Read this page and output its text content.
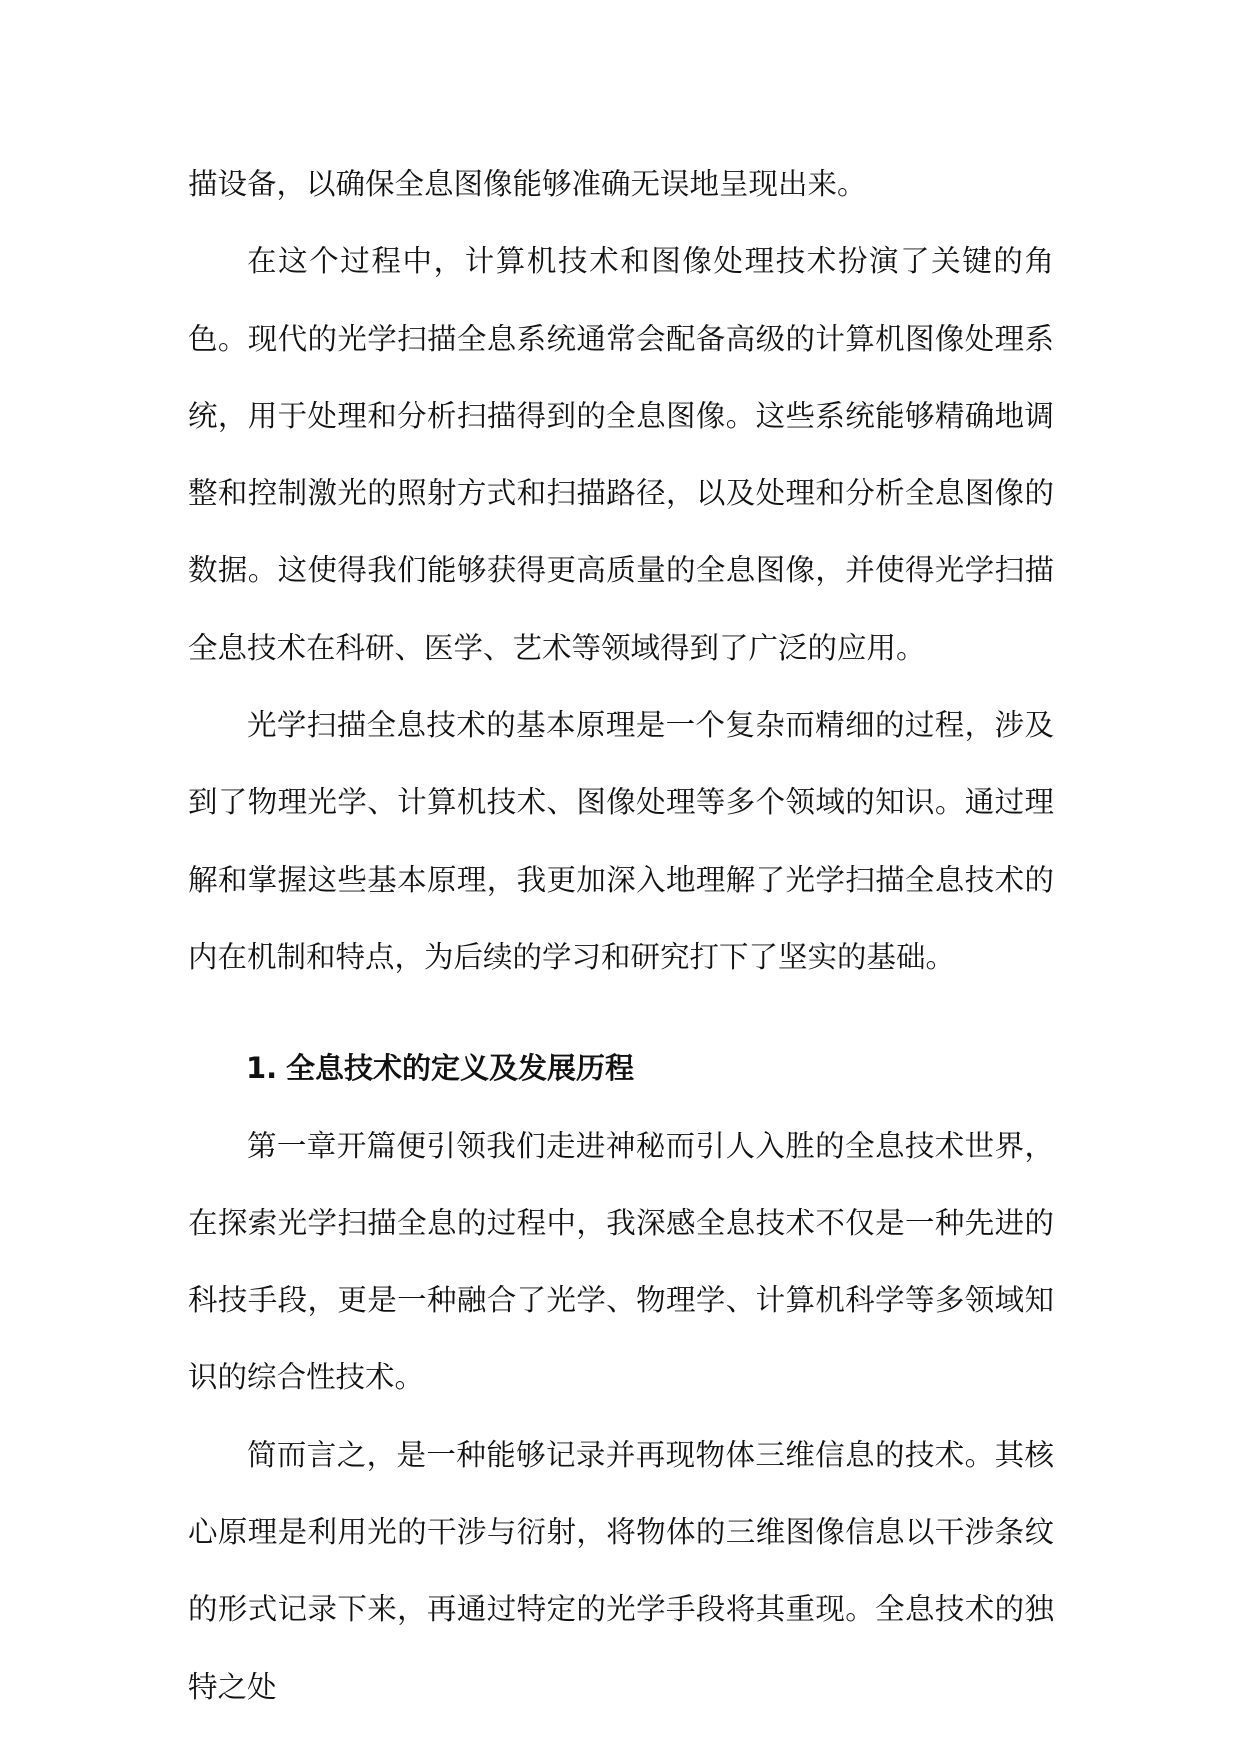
描设备，以确保全息图像能够准确无误地呈现出来。

在这个过程中，计算机技术和图像处理技术扮演了关键的角色。现代的光学扫描全息系统通常会配备高级的计算机图像处理系统，用于处理和分析扫描得到的全息图像。这些系统能够精确地调整和控制激光的照射方式和扫描路径，以及处理和分析全息图像的数据。这使得我们能够获得更高质量的全息图像，并使得光学扫描全息技术在科研、医学、艺术等领域得到了广泛的应用。

光学扫描全息技术的基本原理是一个复杂而精细的过程，涉及到了物理光学、计算机技术、图像处理等多个领域的知识。通过理解和掌握这些基本原理，我更加深入地理解了光学扫描全息技术的内在机制和特点，为后续的学习和研究打下了坚实的基础。

1. 全息技术的定义及发展历程

第一章开篇便引领我们走进神秘而引人入胜的全息技术世界，在探索光学扫描全息的过程中，我深感全息技术不仅是一种先进的科技手段，更是一种融合了光学、物理学、计算机科学等多领域知识的综合性技术。

简而言之，是一种能够记录并再现物体三维信息的技术。其核心原理是利用光的干涉与衍射，将物体的三维图像信息以干涉条纹的形式记录下来，再通过特定的光学手段将其重现。全息技术的独特之处
